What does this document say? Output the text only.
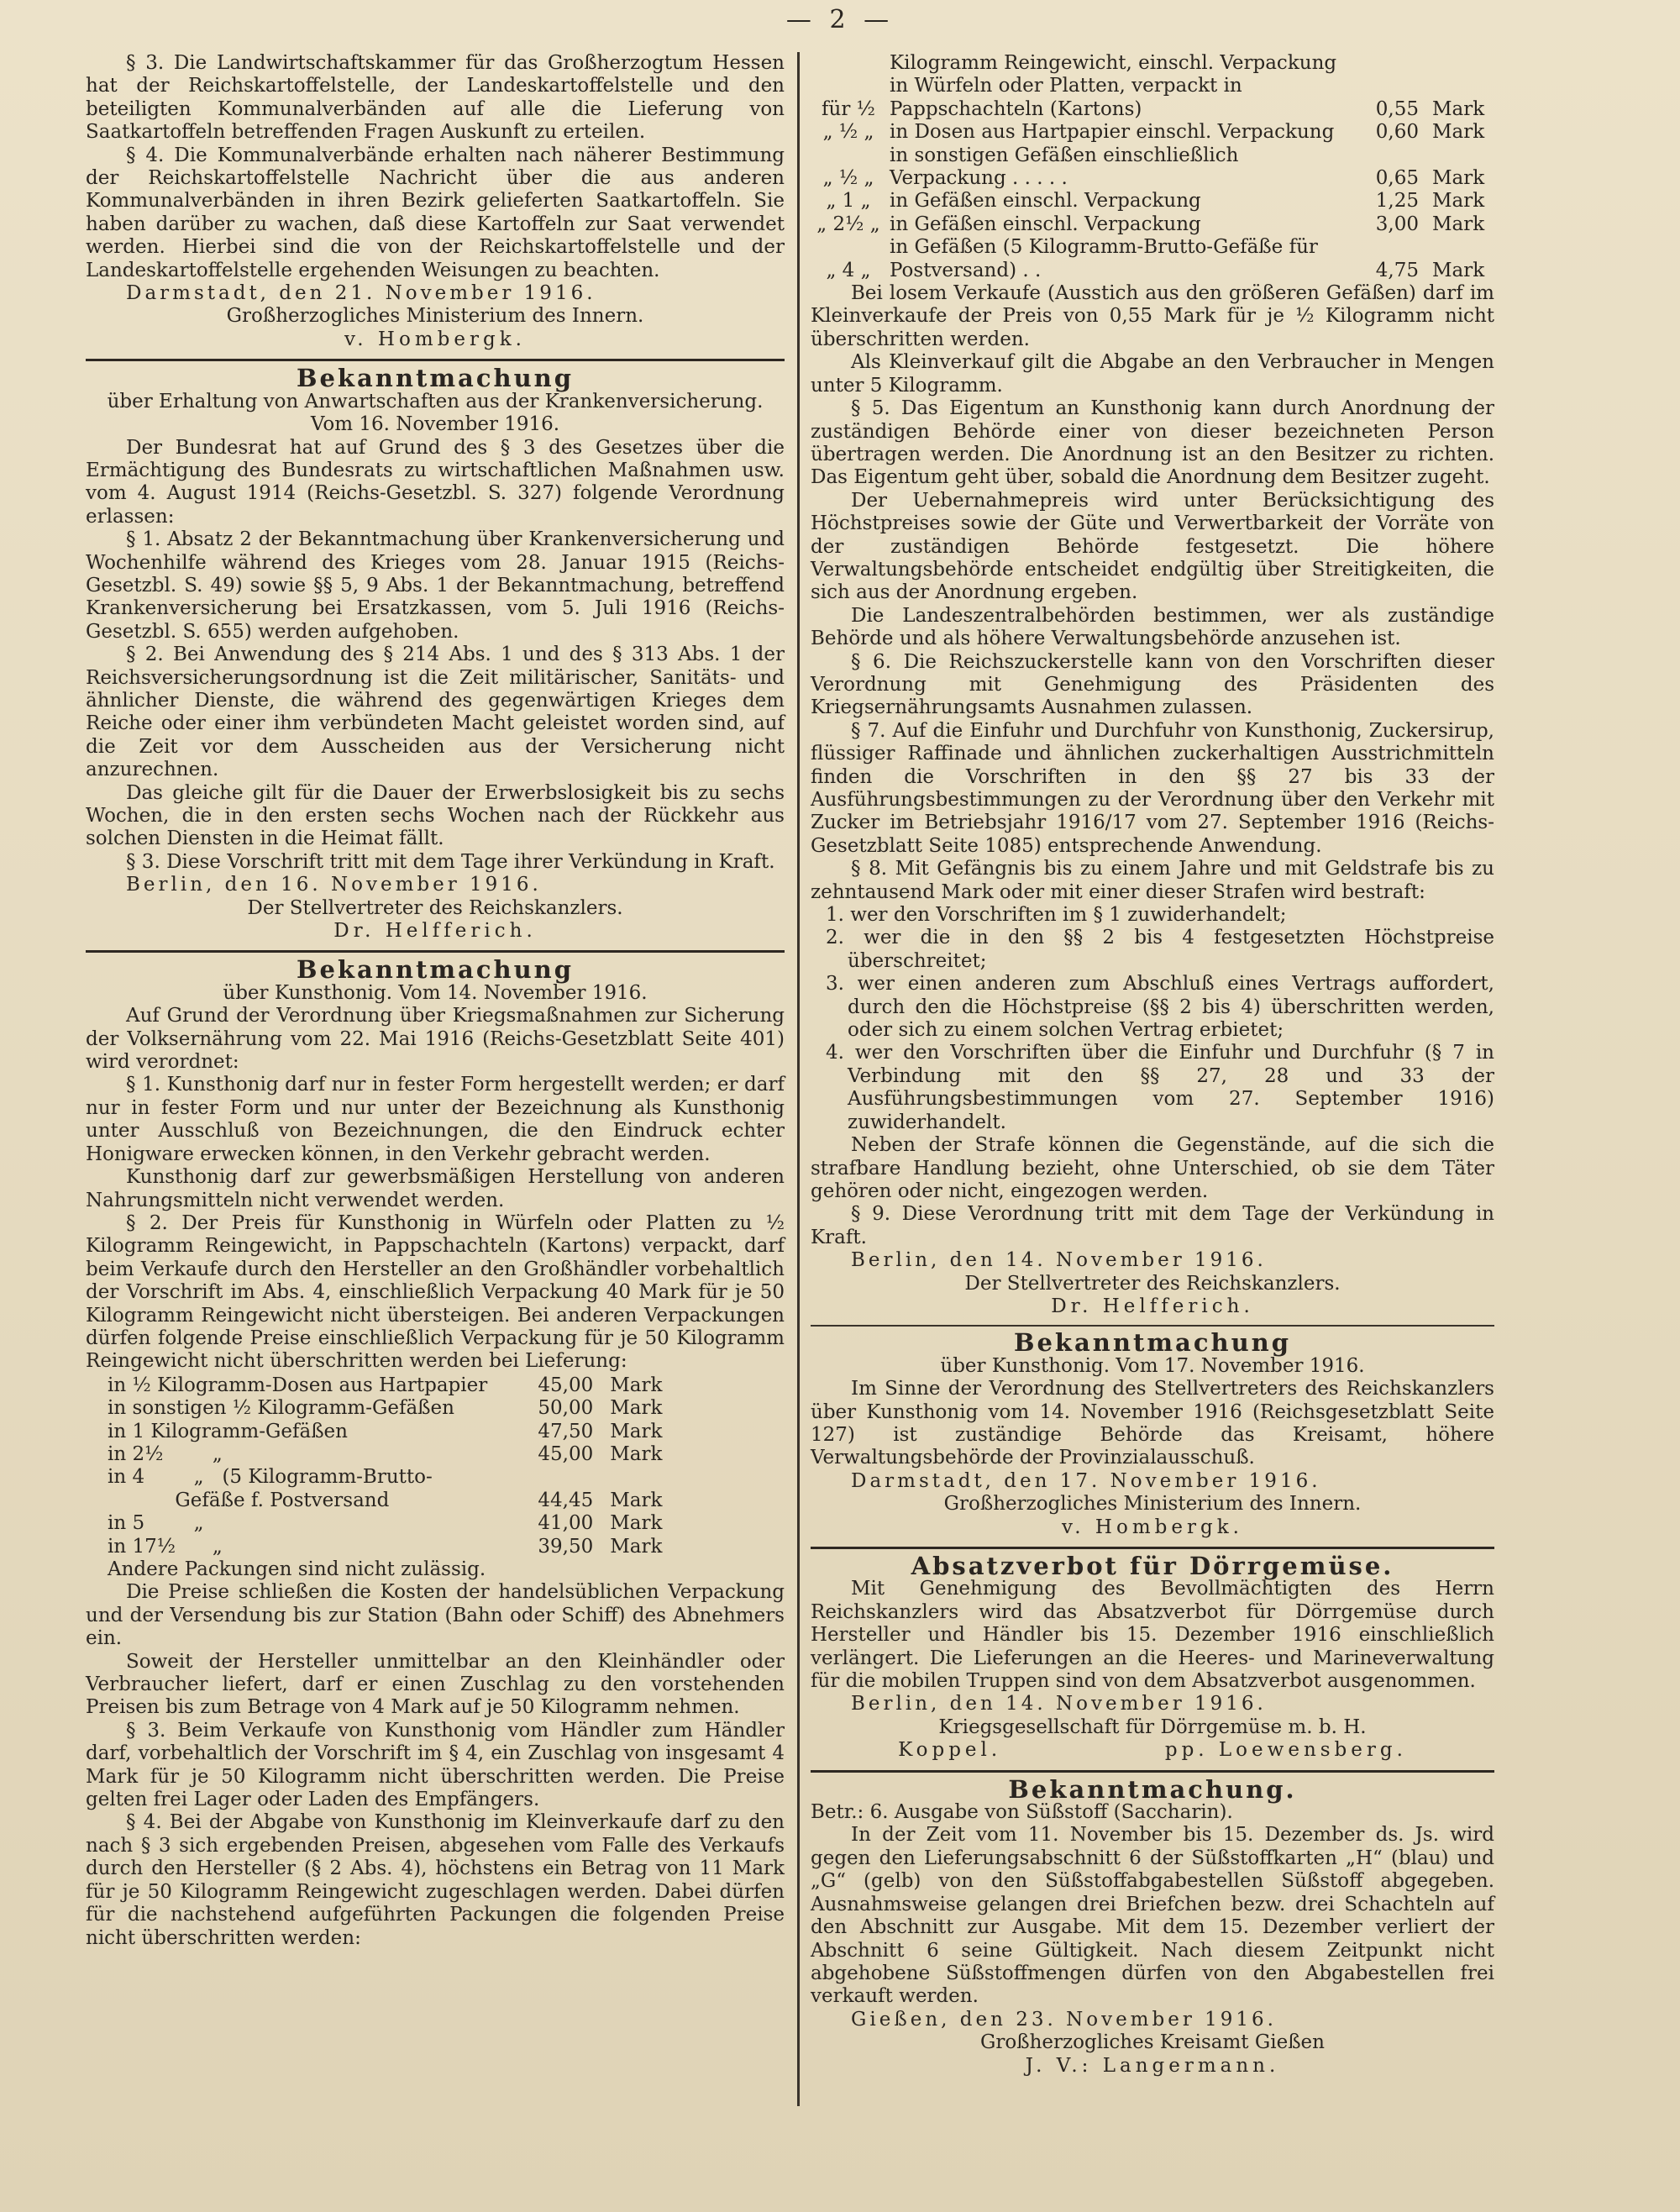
— 2 —

§ 3. Die Landwirtschaftskammer für das Großherzogtum Hessen hat der Reichskartoffelstelle, der Landeskartoffelstelle und den beteiligten Kommunalverbänden auf alle die Lieferung von Saatkartoffeln betreffenden Fragen Auskunft zu erteilen.

§ 4. Die Kommunalverbände erhalten nach näherer Bestimmung der Reichskartoffelstelle Nachricht über die aus anderen Kommunalverbänden in ihren Bezirk gelieferten Saatkartoffeln. Sie haben darüber zu wachen, daß diese Kartoffeln zur Saat verwendet werden. Hierbei sind die von der Reichskartoffelstelle und der Landeskartoffelstelle ergehenden Weisungen zu beachten.

Darmstadt, den 21. November 1916.

Großherzogliches Ministerium des Innern.

v. Hombergk.

Bekanntmachung

über Erhaltung von Anwartschaften aus der Krankenversicherung.

Vom 16. November 1916.

Der Bundesrat hat auf Grund des § 3 des Gesetzes über die Ermächtigung des Bundesrats zu wirtschaftlichen Maßnahmen usw. vom 4. August 1914 (Reichs-Gesetzbl. S. 327) folgende Verordnung erlassen:

§ 1. Absatz 2 der Bekanntmachung über Krankenversicherung und Wochenhilfe während des Krieges vom 28. Januar 1915 (Reichs-Gesetzbl. S. 49) sowie §§ 5, 9 Abs. 1 der Bekanntmachung, betreffend Krankenversicherung bei Ersatzkassen, vom 5. Juli 1916 (Reichs-Gesetzbl. S. 655) werden aufgehoben.

§ 2. Bei Anwendung des § 214 Abs. 1 und des § 313 Abs. 1 der Reichsversicherungsordnung ist die Zeit militärischer, Sanitäts- und ähnlicher Dienste, die während des gegenwärtigen Krieges dem Reiche oder einer ihm verbündeten Macht geleistet worden sind, auf die Zeit vor dem Ausscheiden aus der Versicherung nicht anzurechnen.

Das gleiche gilt für die Dauer der Erwerbslosigkeit bis zu sechs Wochen, die in den ersten sechs Wochen nach der Rückkehr aus solchen Diensten in die Heimat fällt.

§ 3. Diese Vorschrift tritt mit dem Tage ihrer Verkündung in Kraft.

Berlin, den 16. November 1916.

Der Stellvertreter des Reichskanzlers.

Dr. Helfferich.

Bekanntmachung

über Kunsthonig. Vom 14. November 1916.

Auf Grund der Verordnung über Kriegsmaßnahmen zur Sicherung der Volksernährung vom 22. Mai 1916 (Reichs-Gesetzblatt Seite 401) wird verordnet:

§ 1. Kunsthonig darf nur in fester Form hergestellt werden; er darf nur in fester Form und nur unter der Bezeichnung als Kunsthonig unter Ausschluß von Bezeichnungen, die den Eindruck echter Honigware erwecken können, in den Verkehr gebracht werden.

Kunsthonig darf zur gewerbsmäßigen Herstellung von anderen Nahrungsmitteln nicht verwendet werden.

§ 2. Der Preis für Kunsthonig in Würfeln oder Platten zu ½ Kilogramm Reingewicht, in Pappschachteln (Kartons) verpackt, darf beim Verkaufe durch den Hersteller an den Großhändler vorbehaltlich der Vorschrift im Abs. 4, einschließlich Verpackung 40 Mark für je 50 Kilogramm Reingewicht nicht übersteigen. Bei anderen Verpackungen dürfen folgende Preise einschließlich Verpackung für je 50 Kilogramm Reingewicht nicht überschritten werden bei Lieferung:

in ½ Kilogramm-Dosen aus Hartpapier	45,00	Mark
in sonstigen ½ Kilogramm-Gefäßen	50,00	Mark
in 1 Kilogramm-Gefäßen	47,50	Mark
in 2½        „	45,00	Mark
in 4        „   (5 Kilogramm-Brutto-		
Gefäße f. Postversand	44,45	Mark
in 5        „	41,00	Mark
in 17½      „	39,50	Mark

Andere Packungen sind nicht zulässig.

Die Preise schließen die Kosten der handelsüblichen Verpackung und der Versendung bis zur Station (Bahn oder Schiff) des Abnehmers ein.

Soweit der Hersteller unmittelbar an den Kleinhändler oder Verbraucher liefert, darf er einen Zuschlag zu den vorstehenden Preisen bis zum Betrage von 4 Mark auf je 50 Kilogramm nehmen.

§ 3. Beim Verkaufe von Kunsthonig vom Händler zum Händler darf, vorbehaltlich der Vorschrift im § 4, ein Zuschlag von insgesamt 4 Mark für je 50 Kilogramm nicht überschritten werden. Die Preise gelten frei Lager oder Laden des Empfängers.

§ 4. Bei der Abgabe von Kunsthonig im Kleinverkaufe darf zu den nach § 3 sich ergebenden Preisen, abgesehen vom Falle des Verkaufs durch den Hersteller (§ 2 Abs. 4), höchstens ein Betrag von 11 Mark für je 50 Kilogramm Reingewicht zugeschlagen werden. Dabei dürfen für die nachstehend aufgeführten Packungen die folgenden Preise nicht überschritten werden:

für ½	Kilogramm Reingewicht, einschl. Verpackung in Würfeln oder Platten, verpackt in Pappschachteln (Kartons)	0,55	Mark
„ ½ „	in Dosen aus Hartpapier einschl. Verpackung	0,60	Mark
„ ½ „	in sonstigen Gefäßen einschließlich Verpackung . . . . .	0,65	Mark
„ 1 „	in Gefäßen einschl. Verpackung	1,25	Mark
„ 2½ „	in Gefäßen einschl. Verpackung	3,00	Mark
„ 4 „	in Gefäßen (5 Kilogramm-Brutto-Gefäße für Postversand) . .	4,75	Mark

Bei losem Verkaufe (Ausstich aus den größeren Gefäßen) darf im Kleinverkaufe der Preis von 0,55 Mark für je ½ Kilogramm nicht überschritten werden.

Als Kleinverkauf gilt die Abgabe an den Verbraucher in Mengen unter 5 Kilogramm.

§ 5. Das Eigentum an Kunsthonig kann durch Anordnung der zuständigen Behörde einer von dieser bezeichneten Person übertragen werden. Die Anordnung ist an den Besitzer zu richten. Das Eigentum geht über, sobald die Anordnung dem Besitzer zugeht.

Der Uebernahmepreis wird unter Berücksichtigung des Höchstpreises sowie der Güte und Verwertbarkeit der Vorräte von der zuständigen Behörde festgesetzt. Die höhere Verwaltungsbehörde entscheidet endgültig über Streitigkeiten, die sich aus der Anordnung ergeben.

Die Landeszentralbehörden bestimmen, wer als zuständige Behörde und als höhere Verwaltungsbehörde anzusehen ist.

§ 6. Die Reichszuckerstelle kann von den Vorschriften dieser Verordnung mit Genehmigung des Präsidenten des Kriegsernährungsamts Ausnahmen zulassen.

§ 7. Auf die Einfuhr und Durchfuhr von Kunsthonig, Zuckersirup, flüssiger Raffinade und ähnlichen zuckerhaltigen Ausstrichmitteln finden die Vorschriften in den §§ 27 bis 33 der Ausführungsbestimmungen zu der Verordnung über den Verkehr mit Zucker im Betriebsjahr 1916/17 vom 27. September 1916 (Reichs-Gesetzblatt Seite 1085) entsprechende Anwendung.

§ 8. Mit Gefängnis bis zu einem Jahre und mit Geldstrafe bis zu zehntausend Mark oder mit einer dieser Strafen wird bestraft:

1. wer den Vorschriften im § 1 zuwiderhandelt;

2. wer die in den §§ 2 bis 4 festgesetzten Höchstpreise überschreitet;

3. wer einen anderen zum Abschluß eines Vertrags auffordert, durch den die Höchstpreise (§§ 2 bis 4) überschritten werden, oder sich zu einem solchen Vertrag erbietet;

4. wer den Vorschriften über die Einfuhr und Durchfuhr (§ 7 in Verbindung mit den §§ 27, 28 und 33 der Ausführungsbestimmungen vom 27. September 1916) zuwiderhandelt.

Neben der Strafe können die Gegenstände, auf die sich die strafbare Handlung bezieht, ohne Unterschied, ob sie dem Täter gehören oder nicht, eingezogen werden.

§ 9. Diese Verordnung tritt mit dem Tage der Verkündung in Kraft.

Berlin, den 14. November 1916.

Der Stellvertreter des Reichskanzlers.

Dr. Helfferich.

Bekanntmachung

über Kunsthonig. Vom 17. November 1916.

Im Sinne der Verordnung des Stellvertreters des Reichskanzlers über Kunsthonig vom 14. November 1916 (Reichsgesetzblatt Seite 127) ist zuständige Behörde das Kreisamt, höhere Verwaltungsbehörde der Provinzialausschuß.

Darmstadt, den 17. November 1916.

Großherzogliches Ministerium des Innern.

v. Hombergk.

Absatzverbot für Dörrgemüse.

Mit Genehmigung des Bevollmächtigten des Herrn Reichskanzlers wird das Absatzverbot für Dörrgemüse durch Hersteller und Händler bis 15. Dezember 1916 einschließlich verlängert. Die Lieferungen an die Heeres- und Marineverwaltung für die mobilen Truppen sind von dem Absatzverbot ausgenommen.

Berlin, den 14. November 1916.

Kriegsgesellschaft für Dörrgemüse m. b. H.

Koppel.	pp. Loewensberg.

Bekanntmachung.

Betr.: 6. Ausgabe von Süßstoff (Saccharin).

In der Zeit vom 11. November bis 15. Dezember ds. Js. wird gegen den Lieferungsabschnitt 6 der Süßstoffkarten „H“ (blau) und „G“ (gelb) von den Süßstoffabgabestellen Süßstoff abgegeben. Ausnahmsweise gelangen drei Briefchen bezw. drei Schachteln auf den Abschnitt zur Ausgabe. Mit dem 15. Dezember verliert der Abschnitt 6 seine Gültigkeit. Nach diesem Zeitpunkt nicht abgehobene Süßstoffmengen dürfen von den Abgabestellen frei verkauft werden.

Gießen, den 23. November 1916.

Großherzogliches Kreisamt Gießen

J. V.: Langermann.
